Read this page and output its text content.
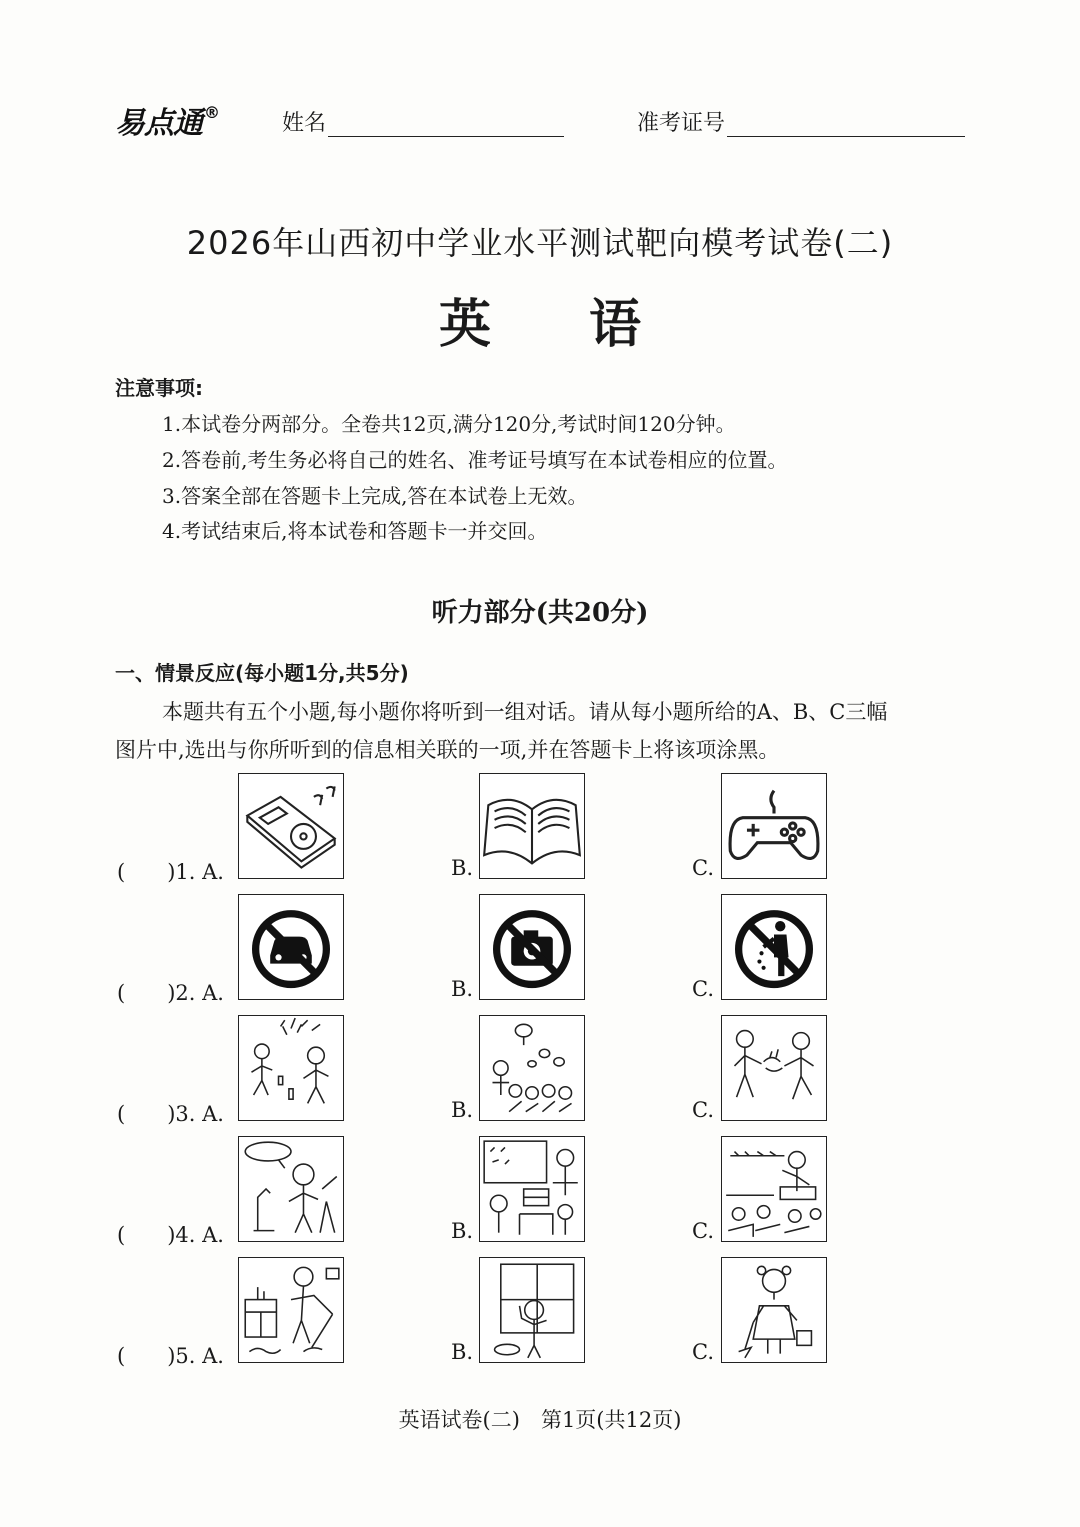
易点通 ®	姓名	准考证号
2026年山西初中学业水平测试靶向模考试卷(二)
英 语
注意事项:
1.本试卷分两部分。全卷共12页,满分120分,考试时间120分钟。
2.答卷前,考生务必将自己的姓名、准考证号填写在本试卷相应的位置。
3.答案全部在答题卡上完成,答在本试卷上无效。
4.考试结束后,将本试卷和答题卡一并交回。
听力部分(共20分)
一、情景反应(每小题1分,共5分)
本题共有五个小题,每小题你将听到一组对话。请从每小题所给的A、B、C三幅
图片中,选出与你所听到的信息相关联的一项,并在答题卡上将该项涂黑。
(　　)1. A.	B.	C.
(　　)2. A.	B.	C.
(　　)3. A.	B.	C.
(　　)4. A.	B.	C.
(　　)5. A.	B.	C.
英语试卷(二)　第1页(共12页)
